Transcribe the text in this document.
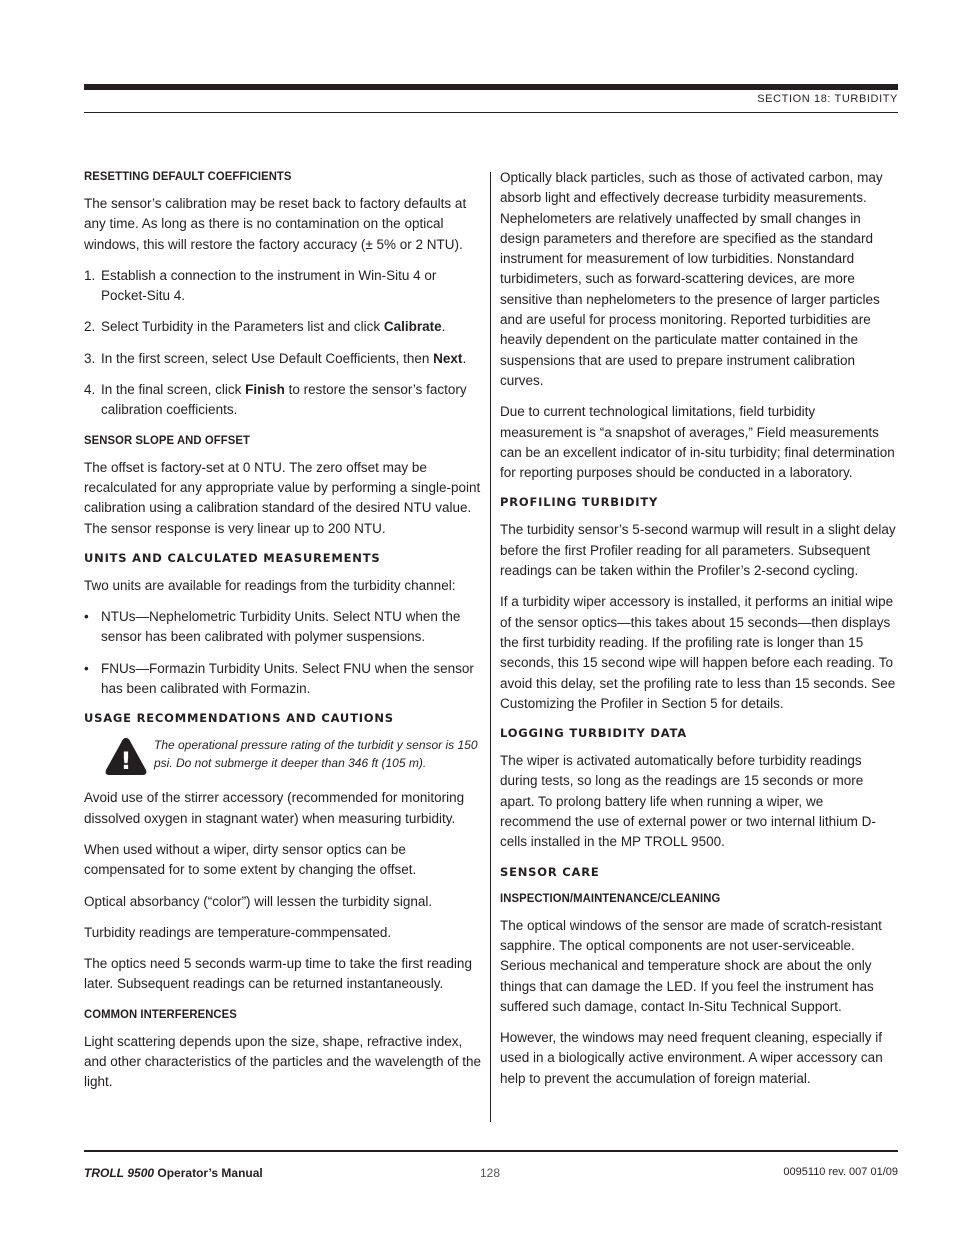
SECTION 18: TURBIDITY
RESETTING DEFAULT COEFFICIENTS

The sensor’s calibration may be reset back to factory defaults at any time. As long as there is no contamination on the optical windows, this will restore the factory accuracy (± 5% or 2 NTU).

1. Establish a connection to the instrument in Win-Situ 4 or Pocket-Situ 4.
2. Select Turbidity in the Parameters list and click Calibrate.
3. In the first screen, select Use Default Coefficients, then Next.
4. In the final screen, click Finish to restore the sensor’s factory calibration coefficients.
SENSOR SLOPE AND OFFSET

The offset is factory-set at 0 NTU. The zero offset may be recalculated for any appropriate value by performing a single-point calibration using a calibration standard of the desired NTU value. The sensor response is very linear up to 200 NTU.

UNITS AND CALCULATED MEASUREMENTS

Two units are available for readings from the turbidity channel:

• NTUs—Nephelometric Turbidity Units. Select NTU when the sensor has been calibrated with polymer suspensions.
• FNUs—Formazin Turbidity Units. Select FNU when the sensor has been calibrated with Formazin.
USAGE RECOMMENDATIONS AND CAUTIONS
!
The operational pressure rating of the turbidit y sensor is 150 psi. Do not submerge it deeper than 346 ft (105 m).

Avoid use of the stirrer accessory (recommended for monitoring dissolved oxygen in stagnant water) when measuring turbidity.

When used without a wiper, dirty sensor optics can be compensated for to some extent by changing the offset.

Optical absorbancy (“color”) will lessen the turbidity signal.

Turbidity readings are temperature-commpensated.

The optics need 5 seconds warm-up time to take the first reading later. Subsequent readings can be returned instantaneously.

COMMON INTERFERENCES

Light scattering depends upon the size, shape, refractive index, and other characteristics of the particles and the wavelength of the light.

Optically black particles, such as those of activated carbon, may absorb light and effectively decrease turbidity measurements. Nephelometers are relatively unaffected by small changes in design parameters and therefore are specified as the standard instrument for measurement of low turbidities. Nonstandard turbidimeters, such as forward-scattering devices, are more sensitive than nephelometers to the presence of larger particles and are useful for process monitoring. Reported turbidities are heavily dependent on the particulate matter contained in the suspensions that are used to prepare instrument calibration curves.

Due to current technological limitations, field turbidity measurement is “a snapshot of averages,” Field measurements can be an excellent indicator of in-situ turbidity; final determination for reporting purposes should be conducted in a laboratory.

PROFILING TURBIDITY

The turbidity sensor’s 5-second warmup will result in a slight delay before the first Profiler reading for all parameters. Subsequent readings can be taken within the Profiler’s 2-second cycling.

If a turbidity wiper accessory is installed, it performs an initial wipe of the sensor optics—this takes about 15 seconds—then displays the first turbidity reading. If the profiling rate is longer than 15 seconds, this 15 second wipe will happen before each reading. To avoid this delay, set the profiling rate to less than 15 seconds. See Customizing the Profiler in Section 5 for details.

LOGGING TURBIDITY DATA

The wiper is activated automatically before turbidity readings during tests, so long as the readings are 15 seconds or more apart. To prolong battery life when running a wiper, we recommend the use of external power or two internal lithium D-cells installed in the MP TROLL 9500.

SENSOR CARE
INSPECTION/MAINTENANCE/CLEANING

The optical windows of the sensor are made of scratch-resistant sapphire. The optical components are not user-serviceable. Serious mechanical and temperature shock are about the only things that can damage the LED. If you feel the instrument has suffered such damage, contact In-Situ Technical Support.

However, the windows may need frequent cleaning, especially if used in a biologically active environment. A wiper accessory can help to prevent the accumulation of foreign material.

TROLL 9500 Operator’s Manual	128	0095110 rev. 007 01/09
